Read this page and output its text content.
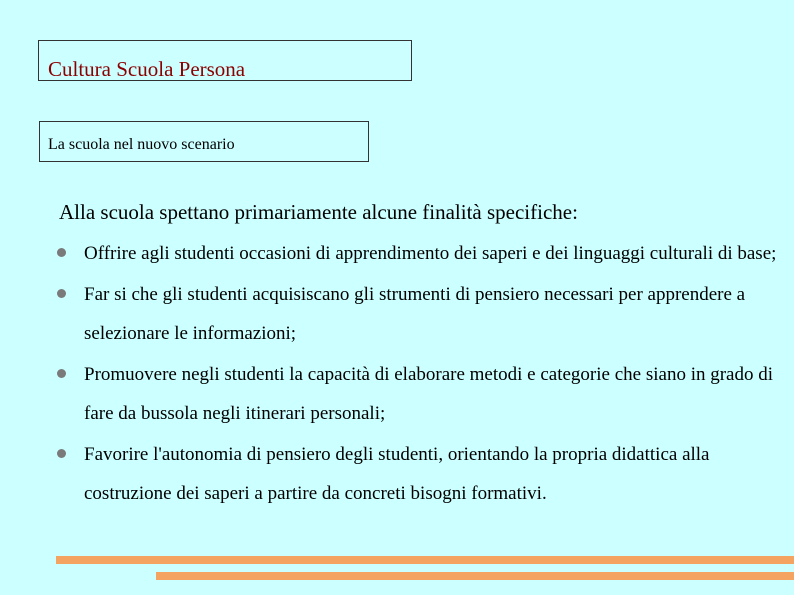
Cultura Scuola Persona
La scuola nel nuovo scenario
Alla scuola spettano primariamente alcune finalità specifiche:
Offrire agli studenti occasioni di apprendimento dei saperi e dei linguaggi culturali di base;
Far si che gli studenti acquisiscano gli strumenti di pensiero necessari per apprendere a selezionare le informazioni;
Promuovere negli studenti la capacità di elaborare metodi e categorie che siano in grado di fare da bussola negli itinerari personali;
Favorire l'autonomia di pensiero degli studenti, orientando la propria didattica alla costruzione dei saperi a partire da concreti bisogni formativi.
